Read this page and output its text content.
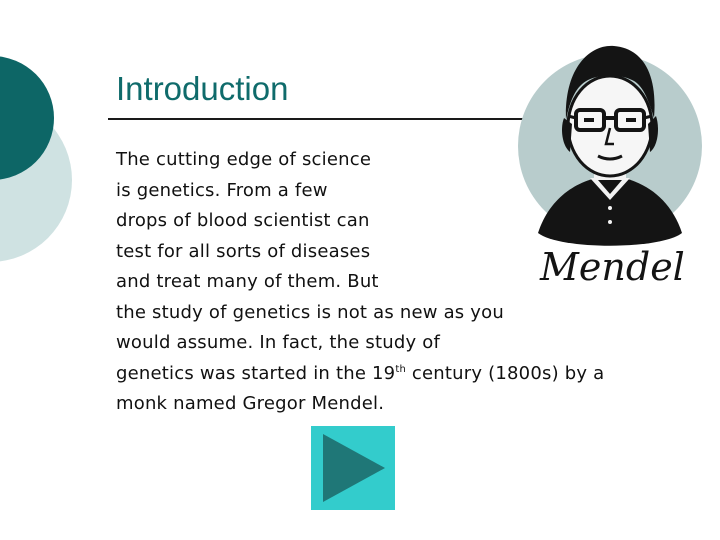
Introduction
Mendel
The cutting edge of science
is genetics. From a few
drops of blood scientist can
test for all sorts of diseases
and treat many of them. But
the study of genetics is not as new as you
would assume. In fact, the study of
genetics was started in the 19th century (1800s) by a
monk named Gregor Mendel.
